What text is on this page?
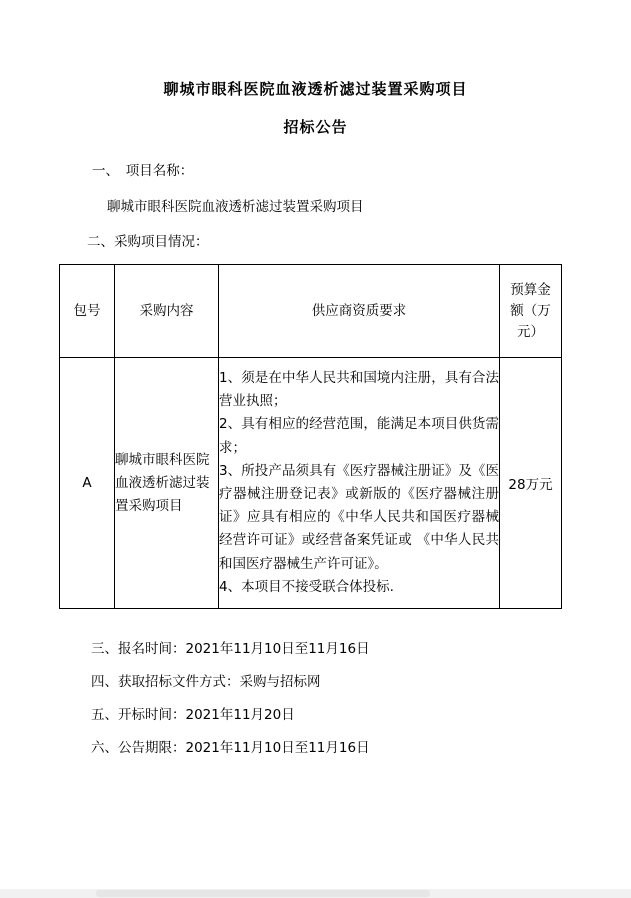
聊城市眼科医院血液透析滤过装置采购项目
招标公告

一、　项目名称：

聊城市眼科医院血液透析滤过装置采购项目

二、采购项目情况：

包号	采购内容	供应商资质要求	预算金额（万元）
A	聊城市眼科医院血液透析滤过装置采购项目	1、须是在中华人民共和国境内注册，具有合法营业执照；

2、具有相应的经营范围，能满足本项目供货需求；

3、所投产品须具有《医疗器械注册证》及《医疗器械注册登记表》或新版的《医疗器械注册证》应具有相应的《中华人民共和国医疗器械经营许可证》或经营备案凭证或 《中华人民共和国医疗器械生产许可证》。

4、本项目不接受联合体投标.	28万元

三、报名时间：2021年11月10日至11月16日

四、获取招标文件方式：采购与招标网

五、开标时间：2021年11月20日

六、公告期限：2021年11月10日至11月16日
